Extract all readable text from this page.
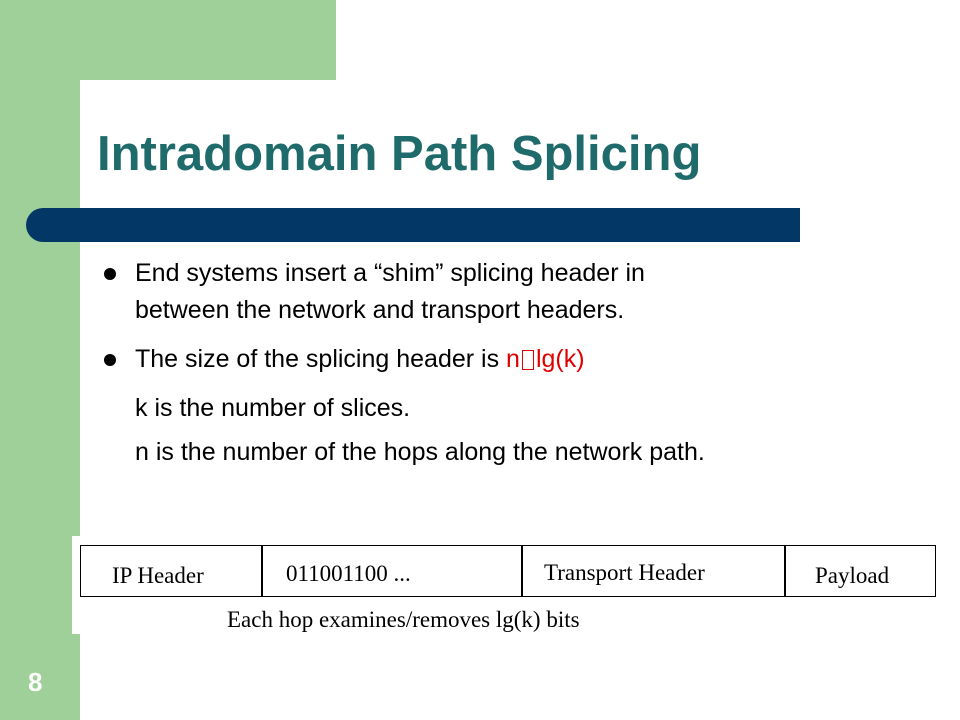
Intradomain Path Splicing
End systems insert a “shim” splicing header in
between the network and transport headers.
The size of the splicing header is n lg(k)
k is the number of slices.
n is the number of the hops along the network path.
IP Header	011001100 ...	Transport Header	Payload
Each hop examines/removes lg(k) bits
8
